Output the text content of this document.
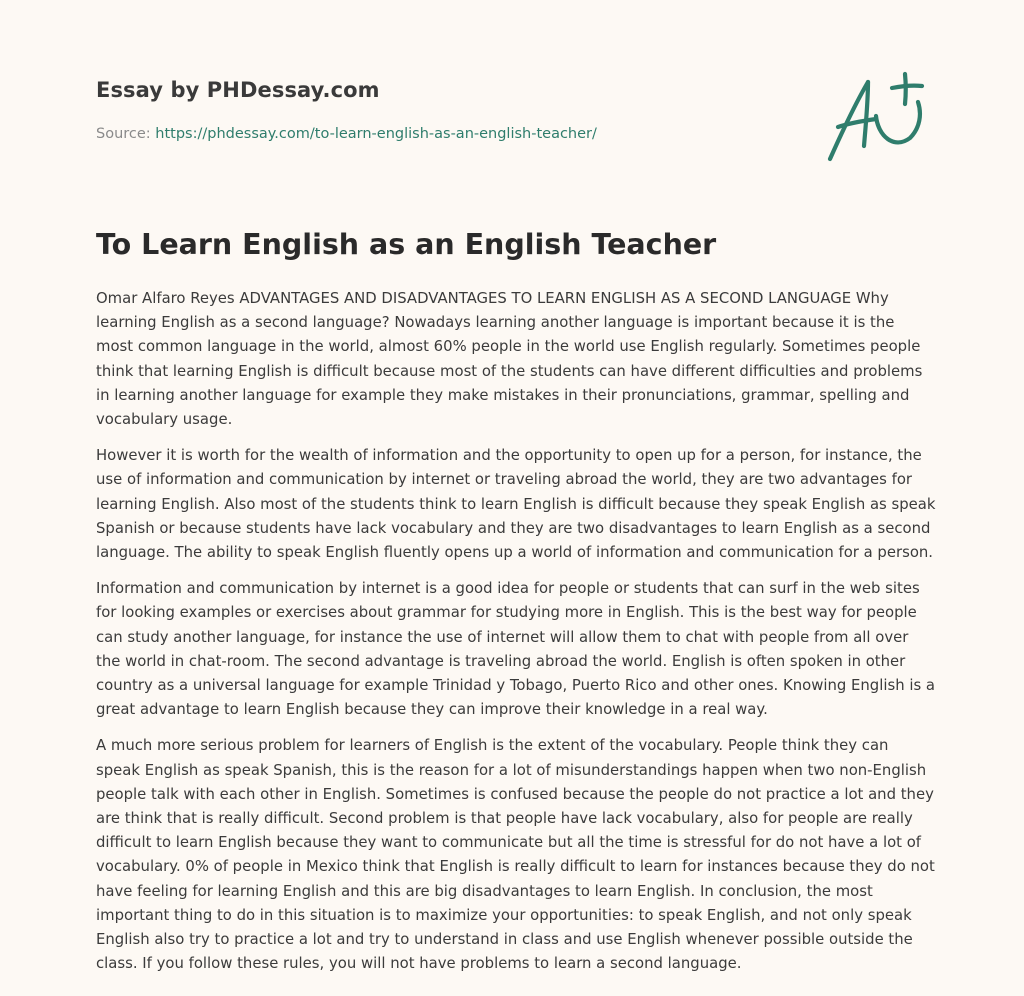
Essay by PHDessay.com
Source: https://phdessay.com/to-learn-english-as-an-english-teacher/
To Learn English as an English Teacher

Omar Alfaro Reyes ADVANTAGES AND DISADVANTAGES TO LEARN ENGLISH AS A SECOND LANGUAGE Why learning English as a second language? Nowadays learning another language is important because it is the most common language in the world, almost 60% people in the world use English regularly. Sometimes people think that learning English is difficult because most of the students can have different difficulties and problems in learning another language for example they make mistakes in their pronunciations, grammar, spelling and vocabulary usage.

However it is worth for the wealth of information and the opportunity to open up for a person, for instance, the use of information and communication by internet or traveling abroad the world, they are two advantages for learning English. Also most of the students think to learn English is difficult because they speak English as speak Spanish or because students have lack vocabulary and they are two disadvantages to learn English as a second language. The ability to speak English fluently opens up a world of information and communication for a person.

Information and communication by internet is a good idea for people or students that can surf in the web sites for looking examples or exercises about grammar for studying more in English. This is the best way for people can study another language, for instance the use of internet will allow them to chat with people from all over the world in chat-room. The second advantage is traveling abroad the world. English is often spoken in other country as a universal language for example Trinidad y Tobago, Puerto Rico and other ones. Knowing English is a great advantage to learn English because they can improve their knowledge in a real way.

A much more serious problem for learners of English is the extent of the vocabulary. People think they can speak English as speak Spanish, this is the reason for a lot of misunderstandings happen when two non-English people talk with each other in English. Sometimes is confused because the people do not practice a lot and they are think that is really difficult. Second problem is that people have lack vocabulary, also for people are really difficult to learn English because they want to communicate but all the time is stressful for do not have a lot of vocabulary. 0% of people in Mexico think that English is really difficult to learn for instances because they do not have feeling for learning English and this are big disadvantages to learn English. In conclusion, the most important thing to do in this situation is to maximize your opportunities: to speak English, and not only speak English also try to practice a lot and try to understand in class and use English whenever possible outside the class. If you follow these rules, you will not have problems to learn a second language.
